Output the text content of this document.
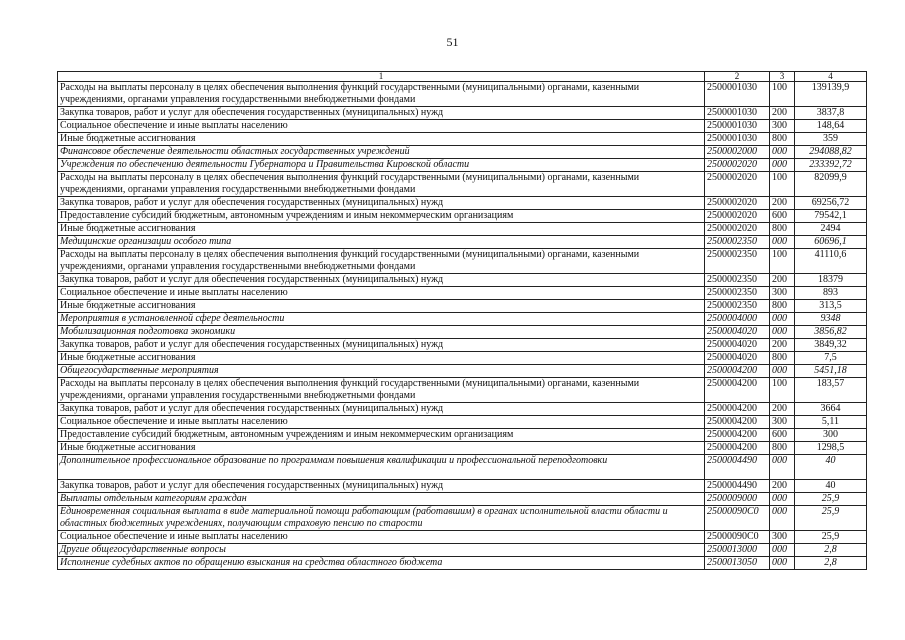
51
1	2	3	4
Расходы на выплаты персоналу в целях обеспечения выполнения функций государственными (муниципальными) органами, казенными учреждениями, органами управления государственными внебюджетными фондами	2500001030	100	139139,9
Закупка товаров, работ и услуг для обеспечения государственных (муниципальных) нужд	2500001030	200	3837,8
Социальное обеспечение и иные выплаты населению	2500001030	300	148,64
Иные бюджетные ассигнования	2500001030	800	359
Финансовое обеспечение деятельности областных государственных учреждений	2500002000	000	294088,82
Учреждения по обеспечению деятельности Губернатора и Правительства Кировской области	2500002020	000	233392,72
Расходы на выплаты персоналу в целях обеспечения выполнения функций государственными (муниципальными) органами, казенными учреждениями, органами управления государственными внебюджетными фондами	2500002020	100	82099,9
Закупка товаров, работ и услуг для обеспечения государственных (муниципальных) нужд	2500002020	200	69256,72
Предоставление субсидий бюджетным, автономным учреждениям и иным некоммерческим организациям	2500002020	600	79542,1
Иные бюджетные ассигнования	2500002020	800	2494
Медицинские организации особого типа	2500002350	000	60696,1
Расходы на выплаты персоналу в целях обеспечения выполнения функций государственными (муниципальными) органами, казенными учреждениями, органами управления государственными внебюджетными фондами	2500002350	100	41110,6
Закупка товаров, работ и услуг для обеспечения государственных (муниципальных) нужд	2500002350	200	18379
Социальное обеспечение и иные выплаты населению	2500002350	300	893
Иные бюджетные ассигнования	2500002350	800	313,5
Мероприятия в установленной сфере деятельности	2500004000	000	9348
Мобилизационная подготовка экономики	2500004020	000	3856,82
Закупка товаров, работ и услуг для обеспечения государственных (муниципальных) нужд	2500004020	200	3849,32
Иные бюджетные ассигнования	2500004020	800	7,5
Общегосударственные мероприятия	2500004200	000	5451,18
Расходы на выплаты персоналу в целях обеспечения выполнения функций государственными (муниципальными) органами, казенными учреждениями, органами управления государственными внебюджетными фондами	2500004200	100	183,57
Закупка товаров, работ и услуг для обеспечения государственных (муниципальных) нужд	2500004200	200	3664
Социальное обеспечение и иные выплаты населению	2500004200	300	5,11
Предоставление субсидий бюджетным, автономным учреждениям и иным некоммерческим организациям	2500004200	600	300
Иные бюджетные ассигнования	2500004200	800	1298,5
Дополнительное профессиональное образование по программам повышения квалификации и профессиональной переподготовки	2500004490	000	40
Закупка товаров, работ и услуг для обеспечения государственных (муниципальных) нужд	2500004490	200	40
Выплаты отдельным категориям граждан	2500009000	000	25,9
Единовременная социальная выплата в виде материальной помощи работающим (работавшим) в органах исполнительной власти области и областных бюджетных учреждениях, получающим страховую пенсию по старости	25000090С0	000	25,9
Социальное обеспечение и иные выплаты населению	25000090С0	300	25,9
Другие общегосударственные вопросы	2500013000	000	2,8
Исполнение судебных актов по обращению взыскания на средства областного бюджета	2500013050	000	2,8
